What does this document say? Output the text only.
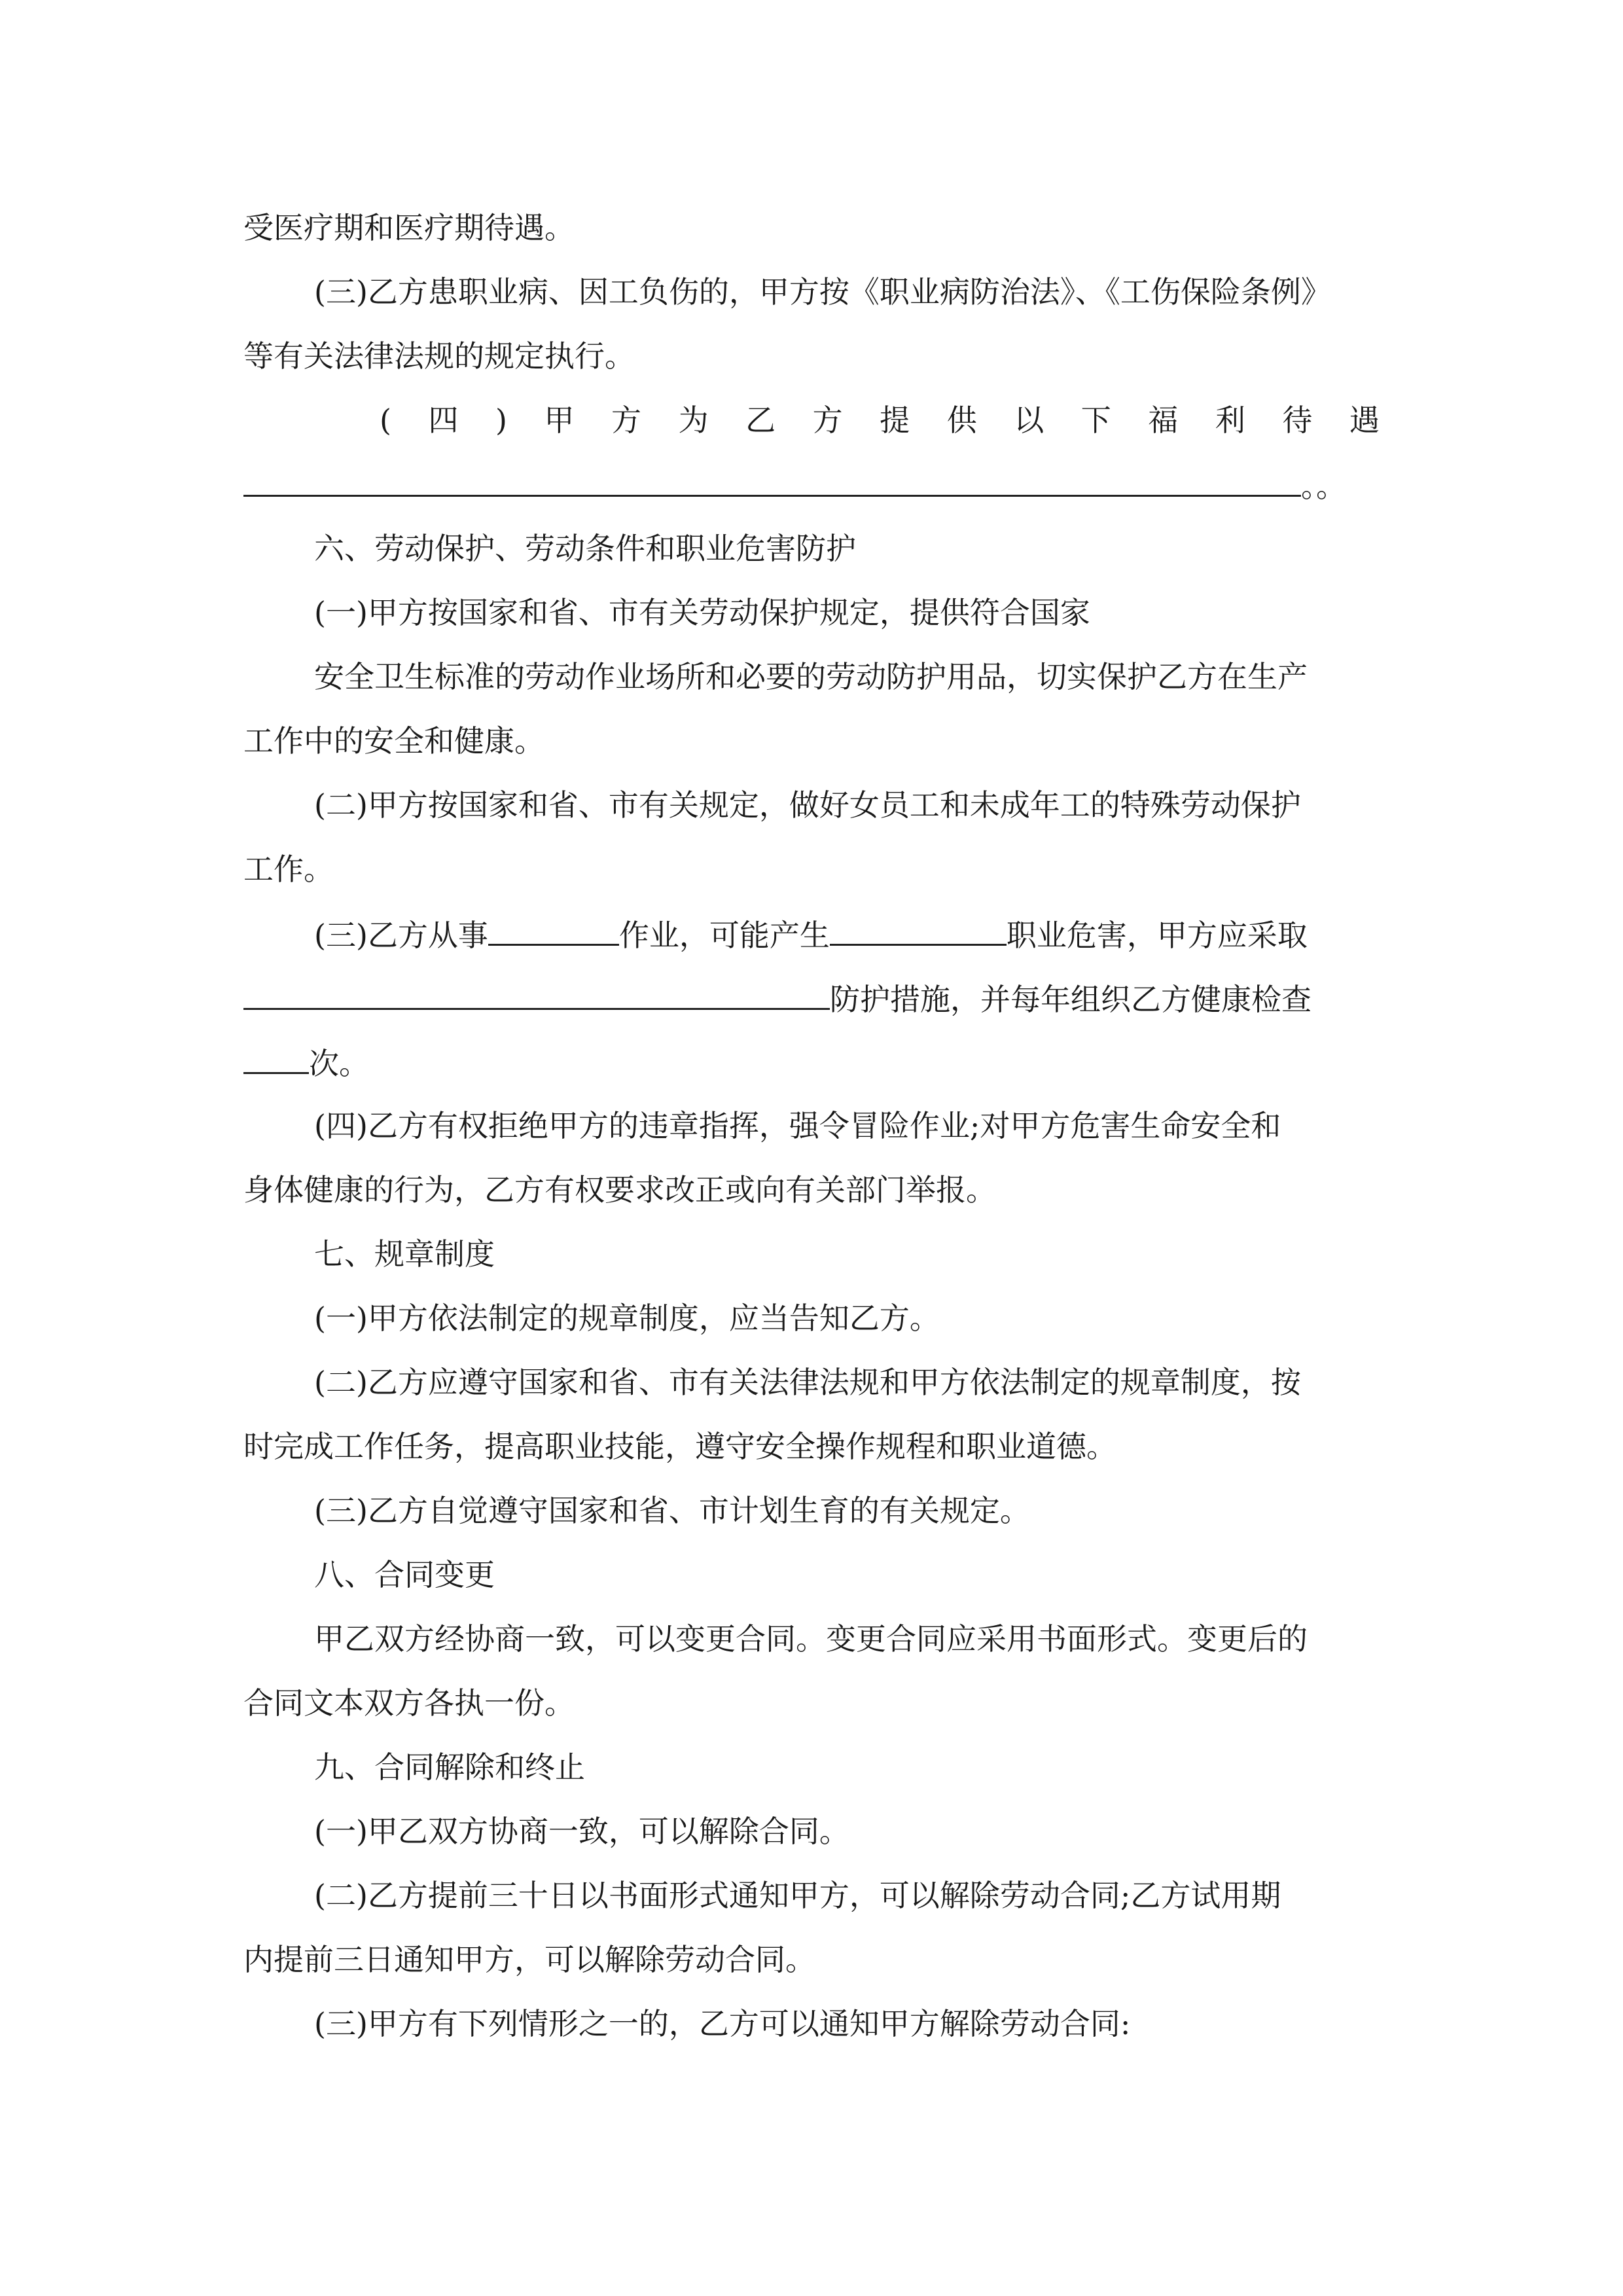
受医疗期和医疗期待遇。
(三)乙方患职业病、因工负伤的，甲方按《职业病防治法》、《工伤保险条例》
等有关法律法规的规定执行。
( 四 ) 甲 方 为 乙 方 提 供 以 下 福 利 待 遇
。。
六、劳动保护、劳动条件和职业危害防护
(一)甲方按国家和省、市有关劳动保护规定，提供符合国家
安全卫生标准的劳动作业场所和必要的劳动防护用品，切实保护乙方在生产
工作中的安全和健康。
(二)甲方按国家和省、市有关规定，做好女员工和未成年工的特殊劳动保护
工作。
(三)乙方从事	作业，可能产生	职业危害，甲方应采取
防护措施，并每年组织乙方健康检查
次。
(四)乙方有权拒绝甲方的违章指挥，强令冒险作业;对甲方危害生命安全和
身体健康的行为，乙方有权要求改正或向有关部门举报。
七、规章制度
(一)甲方依法制定的规章制度，应当告知乙方。
(二)乙方应遵守国家和省、市有关法律法规和甲方依法制定的规章制度，按
时完成工作任务，提高职业技能，遵守安全操作规程和职业道德。
(三)乙方自觉遵守国家和省、市计划生育的有关规定。
八、合同变更
甲乙双方经协商一致，可以变更合同。变更合同应采用书面形式。变更后的
合同文本双方各执一份。
九、合同解除和终止
(一)甲乙双方协商一致，可以解除合同。
(二)乙方提前三十日以书面形式通知甲方，可以解除劳动合同;乙方试用期
内提前三日通知甲方，可以解除劳动合同。
(三)甲方有下列情形之一的，乙方可以通知甲方解除劳动合同:
